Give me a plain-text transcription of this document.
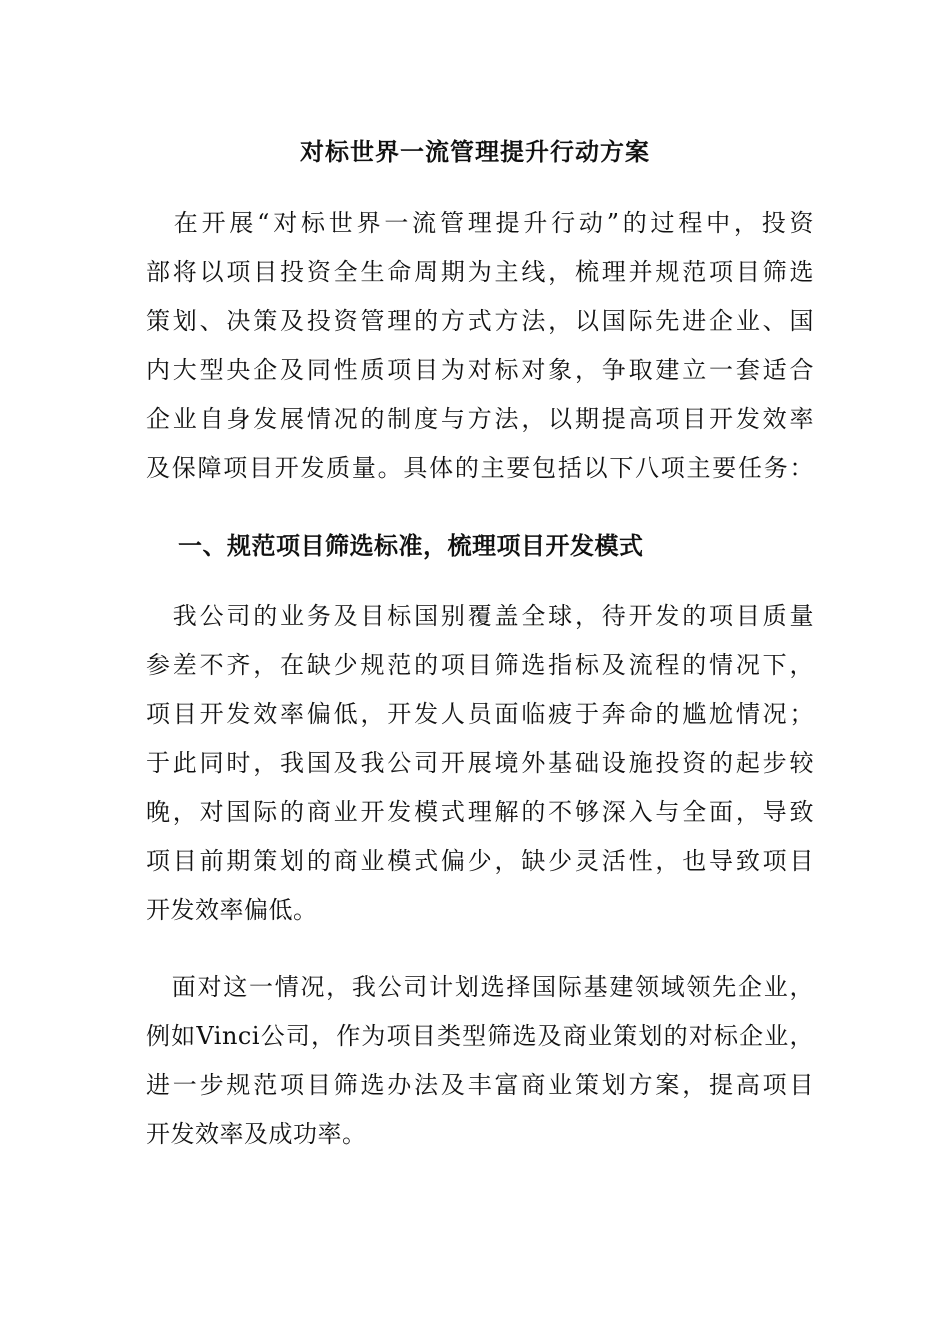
对标世界一流管理提升行动方案
　在开展“对标世界一流管理提升行动”的过程中，投资
部将以项目投资全生命周期为主线，梳理并规范项目筛选
策划、决策及投资管理的方式方法，以国际先进企业、国
内大型央企及同性质项目为对标对象，争取建立一套适合
企业自身发展情况的制度与方法，以期提高项目开发效率
及保障项目开发质量。具体的主要包括以下八项主要任务：
一、规范项目筛选标准，梳理项目开发模式
　我公司的业务及目标国别覆盖全球，待开发的项目质量
参差不齐，在缺少规范的项目筛选指标及流程的情况下，
项目开发效率偏低，开发人员面临疲于奔命的尴尬情况；
于此同时，我国及我公司开展境外基础设施投资的起步较
晚，对国际的商业开发模式理解的不够深入与全面，导致
项目前期策划的商业模式偏少，缺少灵活性，也导致项目
开发效率偏低。
　面对这一情况，我公司计划选择国际基建领域领先企业，
例如Vinci公司，作为项目类型筛选及商业策划的对标企业，
进一步规范项目筛选办法及丰富商业策划方案，提高项目
开发效率及成功率。
